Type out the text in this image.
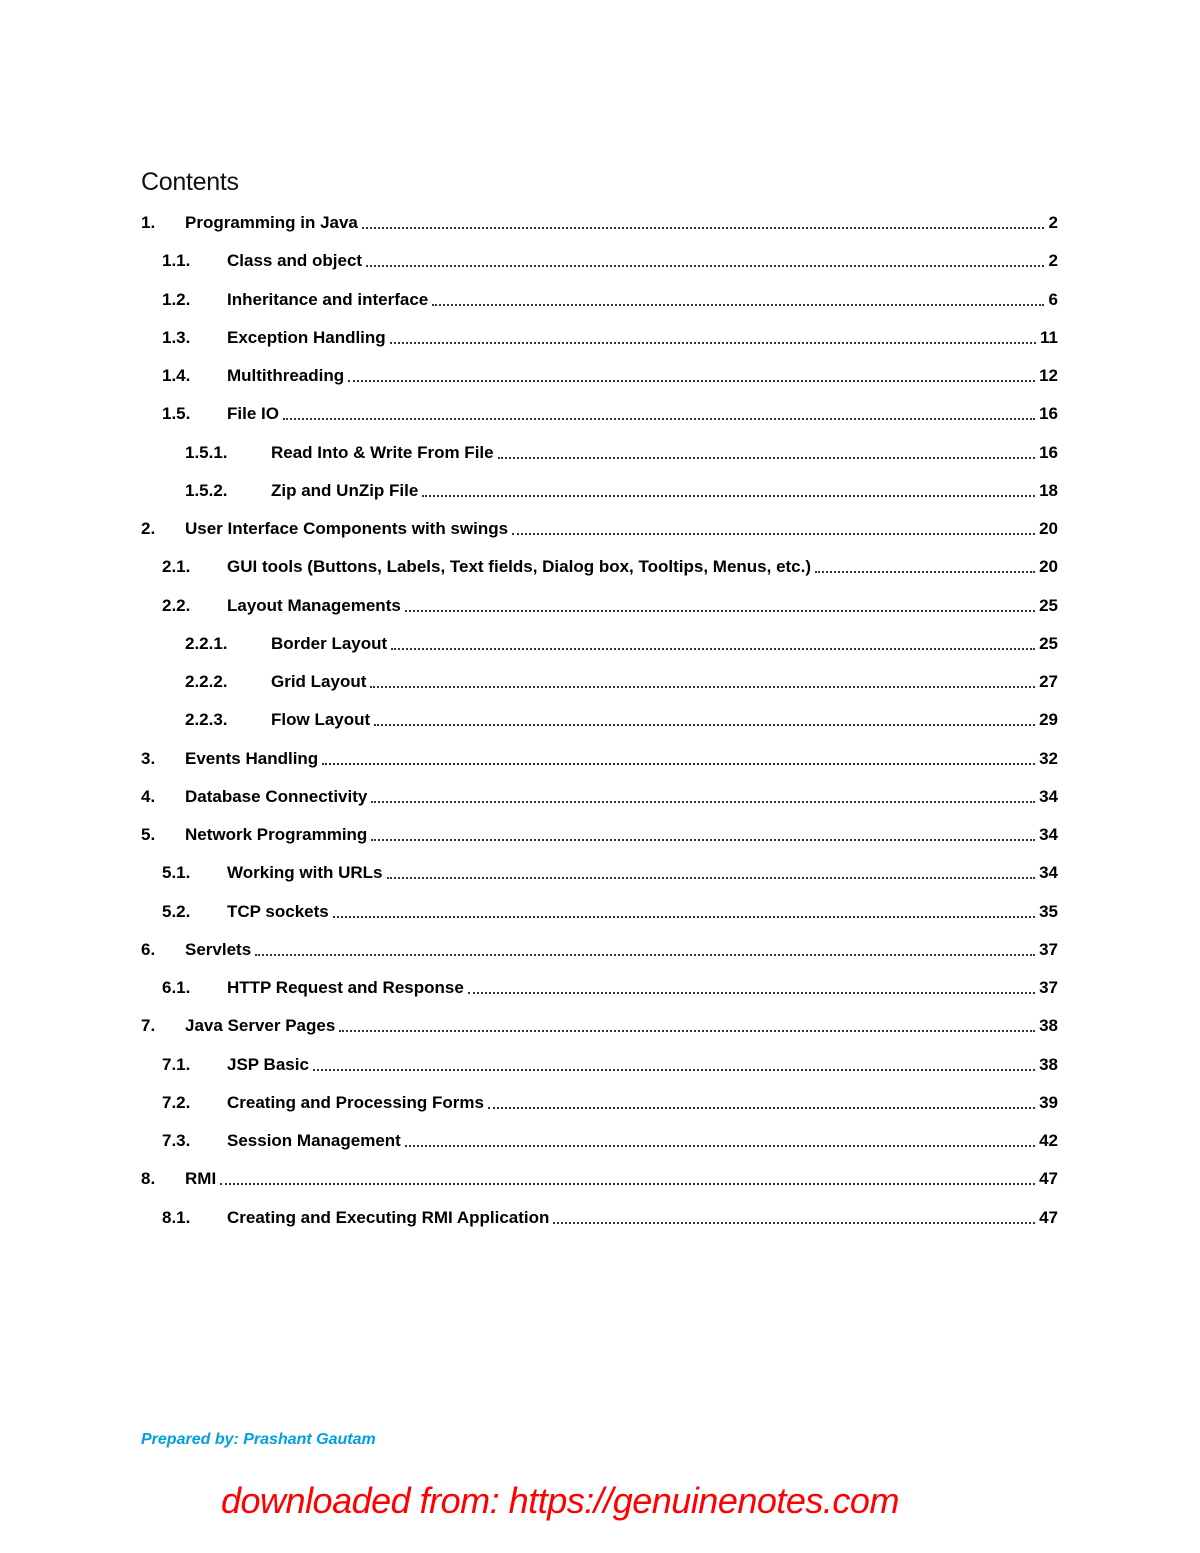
Contents
1. Programming in Java	2
1.1. Class and object	2
1.2. Inheritance and interface	6
1.3. Exception Handling	11
1.4. Multithreading	12
1.5. File IO	16
1.5.1.	Read Into & Write From File	16
1.5.2.	Zip and UnZip File	18
2. User Interface Components with swings	20
2.1. GUI tools (Buttons, Labels, Text fields, Dialog box, Tooltips, Menus, etc.)	20
2.2. Layout Managements	25
2.2.1.	Border Layout	25
2.2.2.	Grid Layout	27
2.2.3.	Flow Layout	29
3. Events Handling	32
4. Database Connectivity	34
5. Network Programming	34
5.1. Working with URLs	34
5.2. TCP sockets	35
6. Servlets	37
6.1. HTTP Request and Response	37
7. Java Server Pages	38
7.1. JSP Basic	38
7.2. Creating and Processing Forms	39
7.3. Session Management	42
8. RMI	47
8.1. Creating and Executing RMI Application	47
Prepared by: Prashant Gautam
downloaded from: https://genuinenotes.com
